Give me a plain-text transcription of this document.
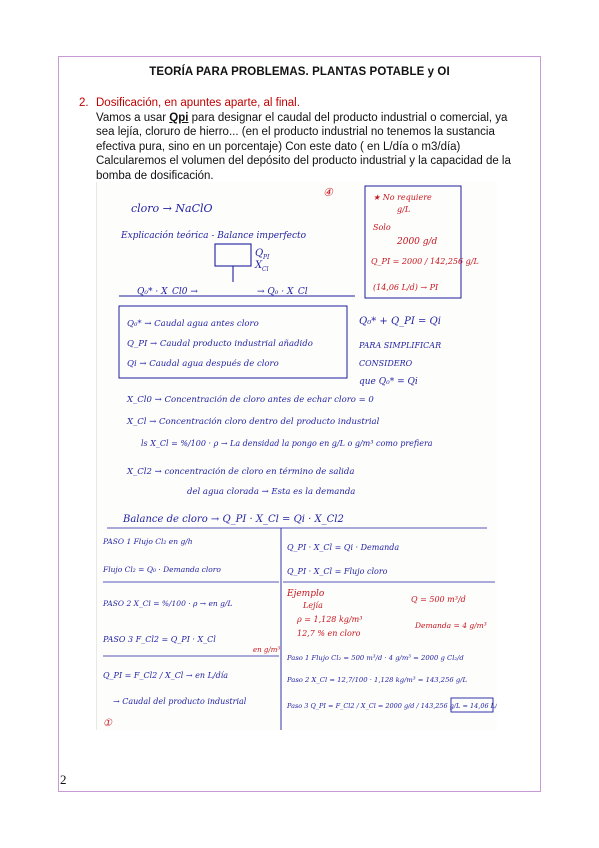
TEORÍA PARA PROBLEMAS. PLANTAS POTABLE y OI
2. Dosificación, en apuntes aparte, al final.
Vamos a usar Qpi para designar el caudal del producto industrial o comercial, ya sea lejía, cloruro de hierro... (en el producto industrial no tenemos la sustancia efectiva pura, sino en un porcentaje) Con este dato ( en L/día o m3/día) Calcularemos el volumen del depósito del producto industrial y la capacidad de la bomba de dosificación.
④
cloro → NaClO
Explicación teórica - Balance imperfecto
Q PI
X Cl
Q₀* · X_Cl0 →	→ Q₀ · X_Cl
★ No requiere
g/L
Solo
2000 g/d
Q_PI = 2000 / 142,256 g/L
(14,06 L/d) → PI
Q₀* → Caudal agua antes cloro
Q_PI → Caudal producto industrial añadido
Qi → Caudal agua después de cloro
Q₀* + Q_PI = Qi
PARA SIMPLIFICAR
CONSIDERO
que Q₀* = Qi
X_Cl0 → Concentración de cloro antes de echar cloro = 0
X_Cl → Concentración cloro dentro del producto industrial
ls X_Cl = %/100 · ρ → La densidad la pongo en g/L o g/m³ como prefiera
X_Cl2 → concentración de cloro en término de salida
del agua clorada → Esta es la demanda
Balance de cloro → Q_PI · X_Cl = Qi · X_Cl2
PASO 1 Flujo Cl₂ en g/h
Flujo Cl₂ = Q₀ · Demanda cloro
PASO 2 X_Cl = %/100 · ρ → en g/L
PASO 3 F_Cl2 = Q_PI · X_Cl
en g/m³
Q_PI = F_Cl2 / X_Cl → en L/día
→ Caudal del producto industrial
①
Q_PI · X_Cl = Qi · Demanda
Q_PI · X_Cl = Flujo cloro
Ejemplo
Q = 500 m³/d
Lejía
ρ = 1,128 kg/m³
12,7 % en cloro
Demanda = 4 g/m³
Paso 1 Flujo Cl₂ = 500 m³/d · 4 g/m³ = 2000 g Cl₂/d
Paso 2 X_Cl = 12,7/100 · 1,128 kg/m³ = 143,256 g/L
Paso 3 Q_PI = F_Cl2 / X_Cl = 2000 g/d / 143,256 g/L = 14,06 L/d
2
